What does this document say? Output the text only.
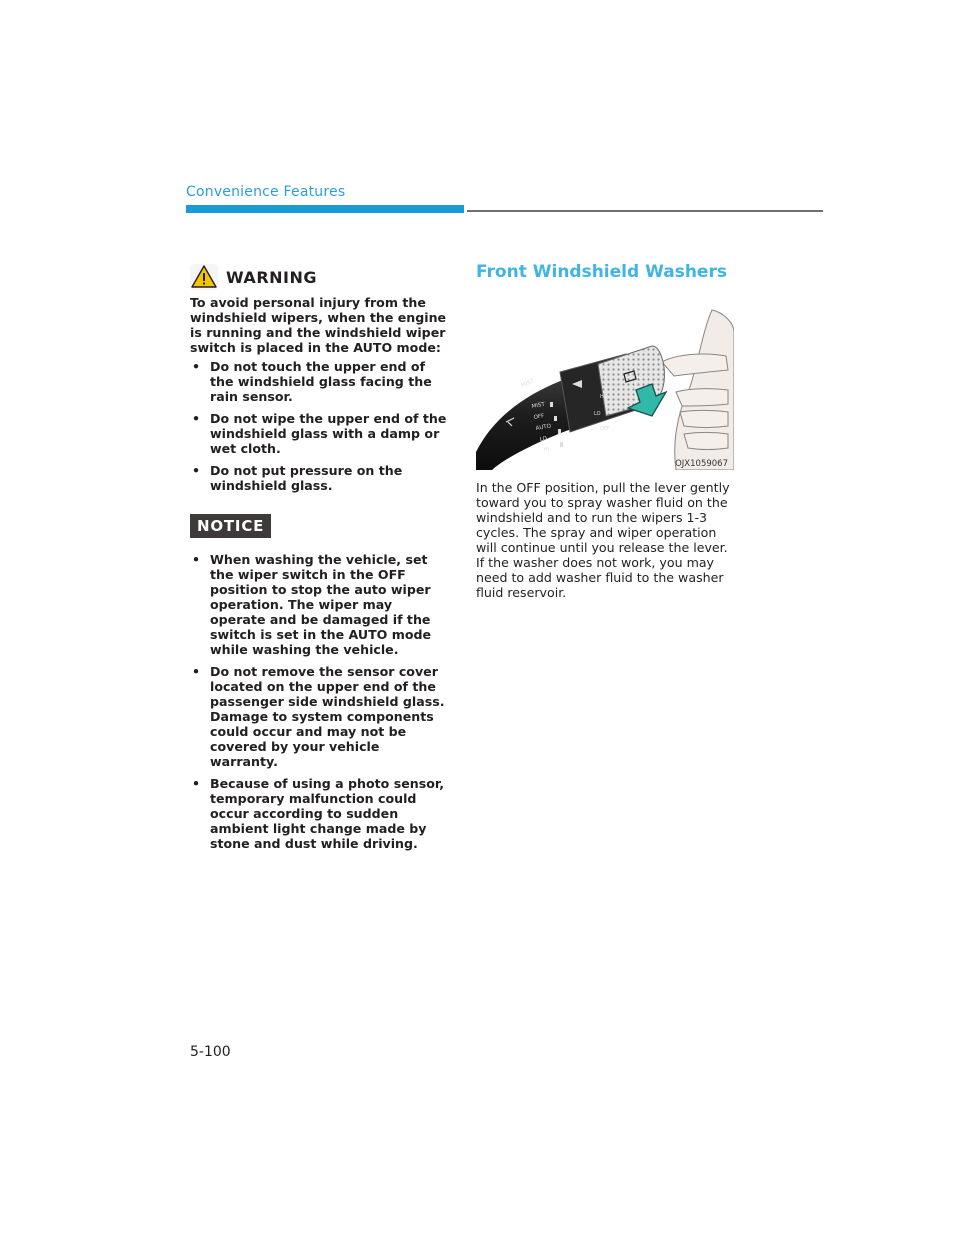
Convenience Features
WARNING
To avoid personal injury from the windshield wipers, when the engine is running and the windshield wiper switch is placed in the AUTO mode:
• Do not touch the upper end of the windshield glass facing the rain sensor.
• Do not wipe the upper end of the windshield glass with a damp or wet cloth.
• Do not put pressure on the windshield glass.
NOTICE
• When washing the vehicle, set the wiper switch in the OFF position to stop the auto wiper operation. The wiper may operate and be damaged if the switch is set in the AUTO mode while washing the vehicle.
• Do not remove the sensor cover located on the upper end of the passenger side windshield glass. Damage to system components could occur and may not be covered by your vehicle warranty.
• Because of using a photo sensor, temporary malfunction could occur according to sudden ambient light change made by stone and dust while driving.
Front Windshield Washers
MIST
MIST
OFF
AUTO
LO
HI
HI
LO
OFF
OJX1059067
In the OFF position, pull the lever gently toward you to spray washer fluid on the windshield and to run the wipers 1-3 cycles. The spray and wiper operation will continue until you release the lever. If the washer does not work, you may need to add washer fluid to the washer fluid reservoir.
5-100
